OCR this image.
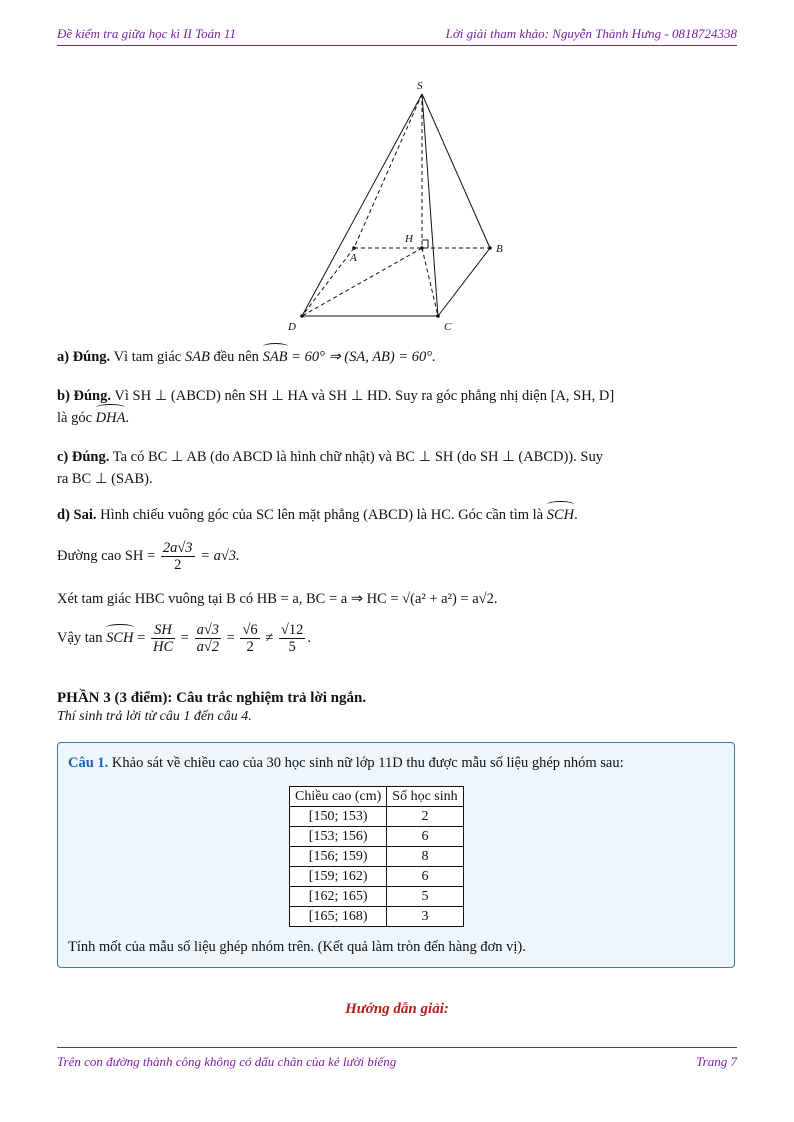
Đề kiểm tra giữa học kì II Toán 11	Lời giải tham khảo: Nguyễn Thành Hưng - 0818724338
S
H
A
B
D	C
a) Đúng. Vì tam giác SAB đều nên SAB = 60° ⇒ (SA, AB) = 60°.
b) Đúng. Vì SH ⊥ (ABCD) nên SH ⊥ HA và SH ⊥ HD. Suy ra góc phẳng nhị diện [A, SH, D]
là góc DHA.
c) Đúng. Ta có BC ⊥ AB (do ABCD là hình chữ nhật) và BC ⊥ SH (do SH ⊥ (ABCD)). Suy
ra BC ⊥ (SAB).
d) Sai. Hình chiếu vuông góc của SC lên mặt phẳng (ABCD) là HC. Góc cần tìm là SCH.
Đường cao SH = $\frac{2a√3}{2} = a√3$.
Xét tam giác HBC vuông tại B có HB = a, BC = a ⇒ HC = √(a² + a²) = a√2.
Vậy tan SCH = $\frac{SH}{HC} = \frac{a√3}{a√2} = \frac{√6}{2} \ne \frac{√12}{5}$ .
PHẦN 3 (3 điểm): Câu trắc nghiệm trả lời ngắn.
Thí sinh trả lời từ câu 1 đến câu 4.
Câu 1. Khảo sát về chiều cao của 30 học sinh nữ lớp 11D thu được mẫu số liệu ghép nhóm sau:
Chiều cao (cm)	Số học sinh
[150; 153)	2
[153; 156)	6
[156; 159)	8
[159; 162)	6
[162; 165)	5
[165; 168)	3
Tính mốt của mẫu số liệu ghép nhóm trên. (Kết quả làm tròn đến hàng đơn vị).
Hướng dẫn giải:
Trên con đường thành công không có dấu chân của kẻ lười biếng	Trang 7
